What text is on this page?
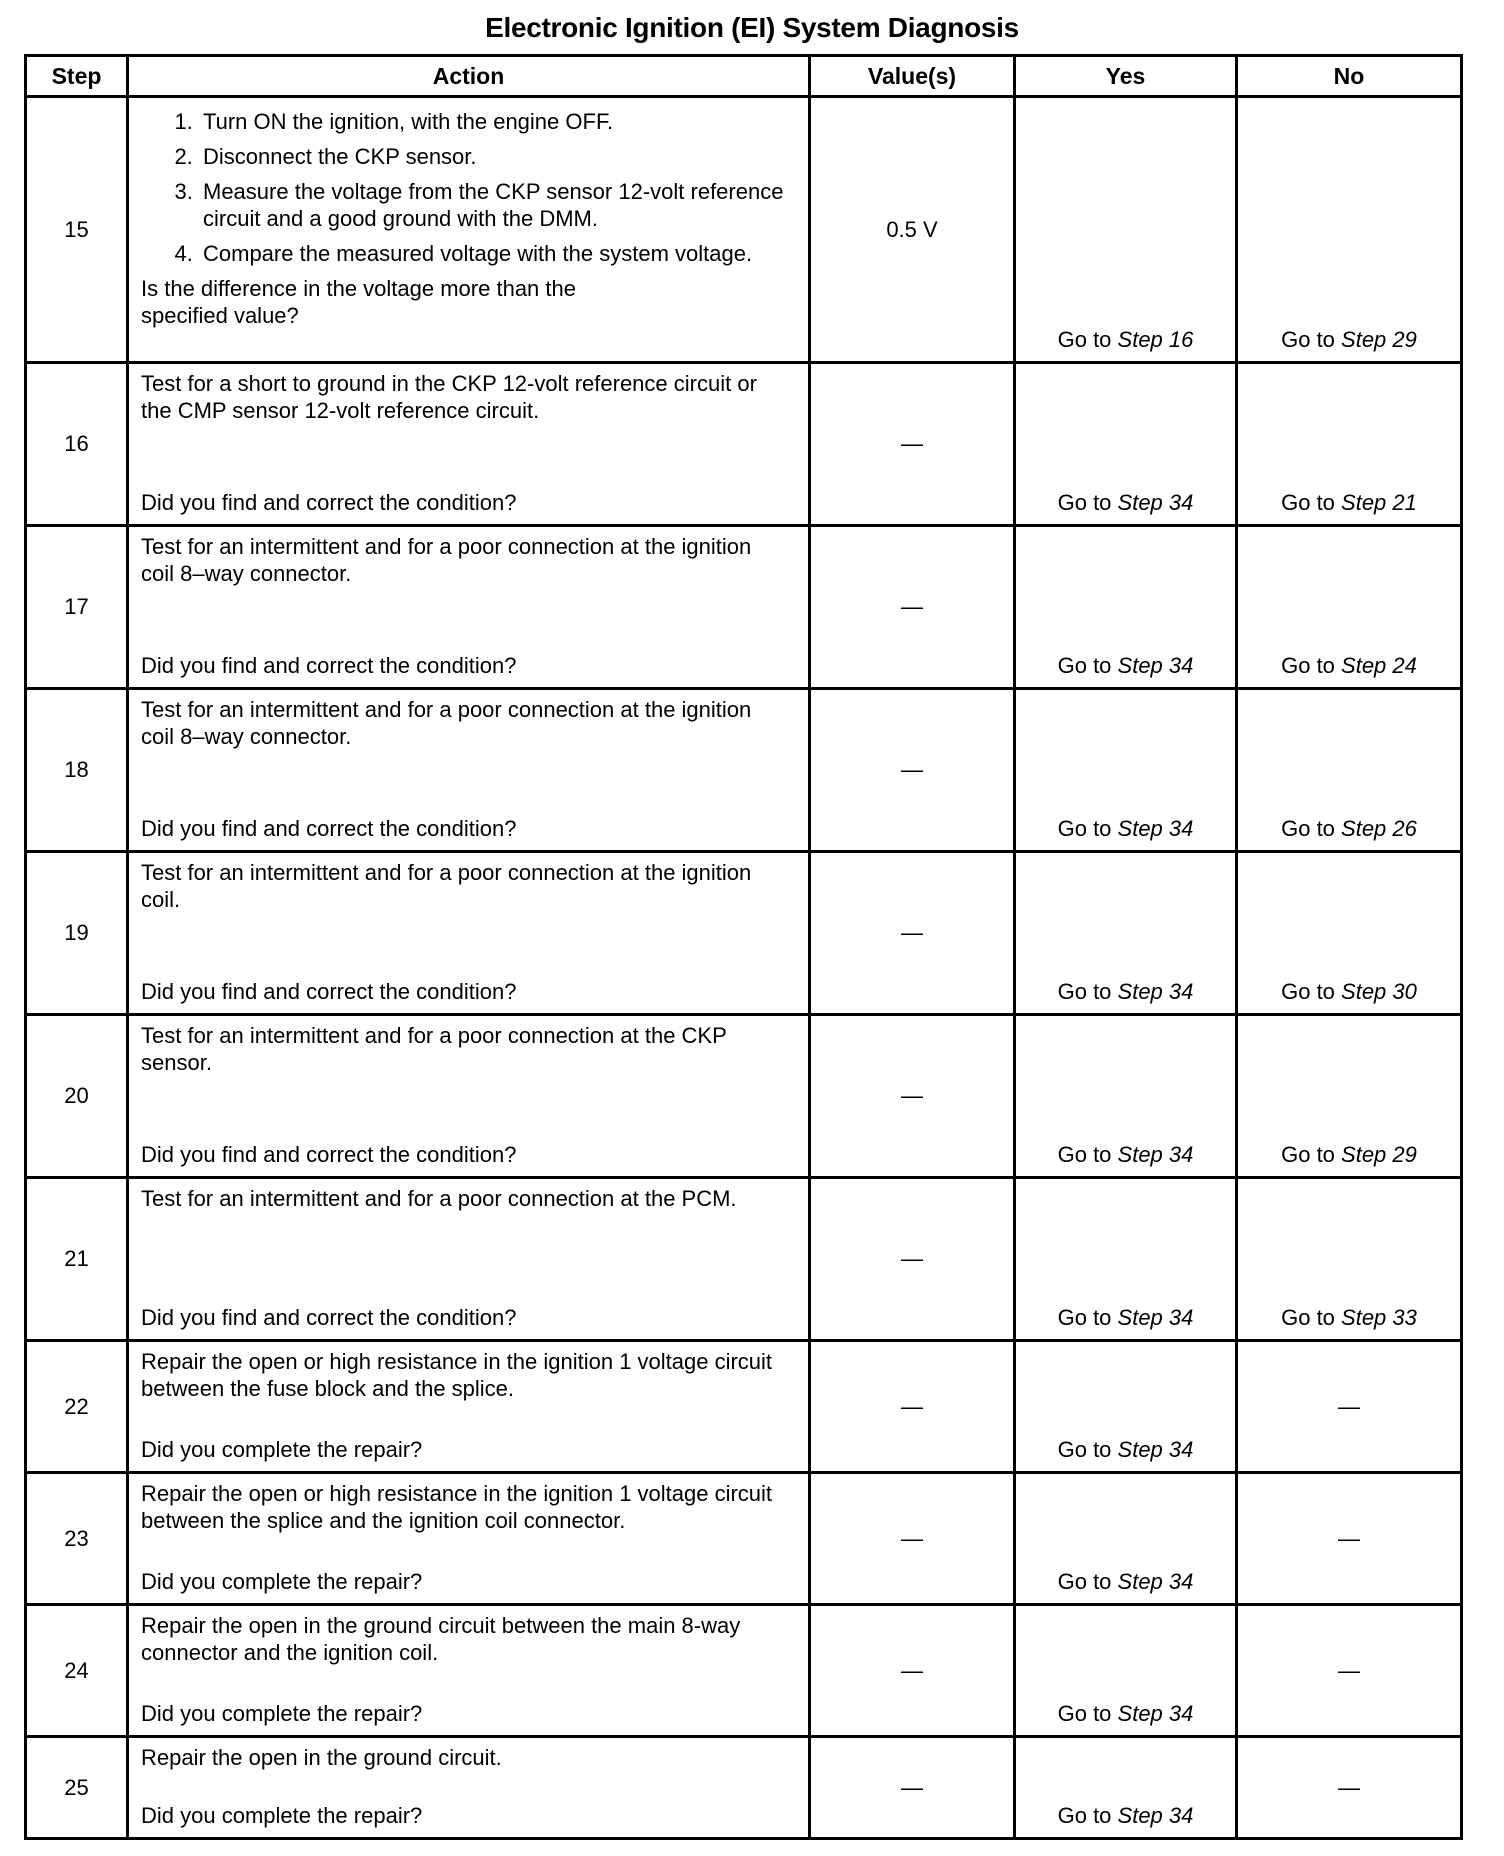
Electronic Ignition (EI) System Diagnosis
Step	Action	Value(s)	Yes	No
15	
1. Turn ON the ignition, with the engine OFF.
2. Disconnect the CKP sensor.
3. Measure the voltage from the CKP sensor 12-volt reference circuit and a good ground with the DMM.
4. Compare the measured voltage with the system voltage.
Is the difference in the voltage more than the specified value?
	0.5 V	Go to Step 16	Go to Step 29
16	Test for a short to ground in the CKP 12-volt reference circuit or the CMP sensor 12-volt reference circuit.
Did you find and correct the condition?	—	Go to Step 34	Go to Step 21
17	Test for an intermittent and for a poor connection at the ignition coil 8–way connector.
Did you find and correct the condition?	—	Go to Step 34	Go to Step 24
18	Test for an intermittent and for a poor connection at the ignition coil 8–way connector.
Did you find and correct the condition?	—	Go to Step 34	Go to Step 26
19	Test for an intermittent and for a poor connection at the ignition coil.
Did you find and correct the condition?	—	Go to Step 34	Go to Step 30
20	Test for an intermittent and for a poor connection at the CKP sensor.
Did you find and correct the condition?	—	Go to Step 34	Go to Step 29
21	Test for an intermittent and for a poor connection at the PCM.
Did you find and correct the condition?	—	Go to Step 34	Go to Step 33
22	Repair the open or high resistance in the ignition 1 voltage circuit between the fuse block and the splice.
Did you complete the repair?	—	Go to Step 34	—
23	Repair the open or high resistance in the ignition 1 voltage circuit between the splice and the ignition coil connector.
Did you complete the repair?	—	Go to Step 34	—
24	Repair the open in the ground circuit between the main 8-way connector and the ignition coil.
Did you complete the repair?	—	Go to Step 34	—
25	Repair the open in the ground circuit.
Did you complete the repair?	—	Go to Step 34	—
